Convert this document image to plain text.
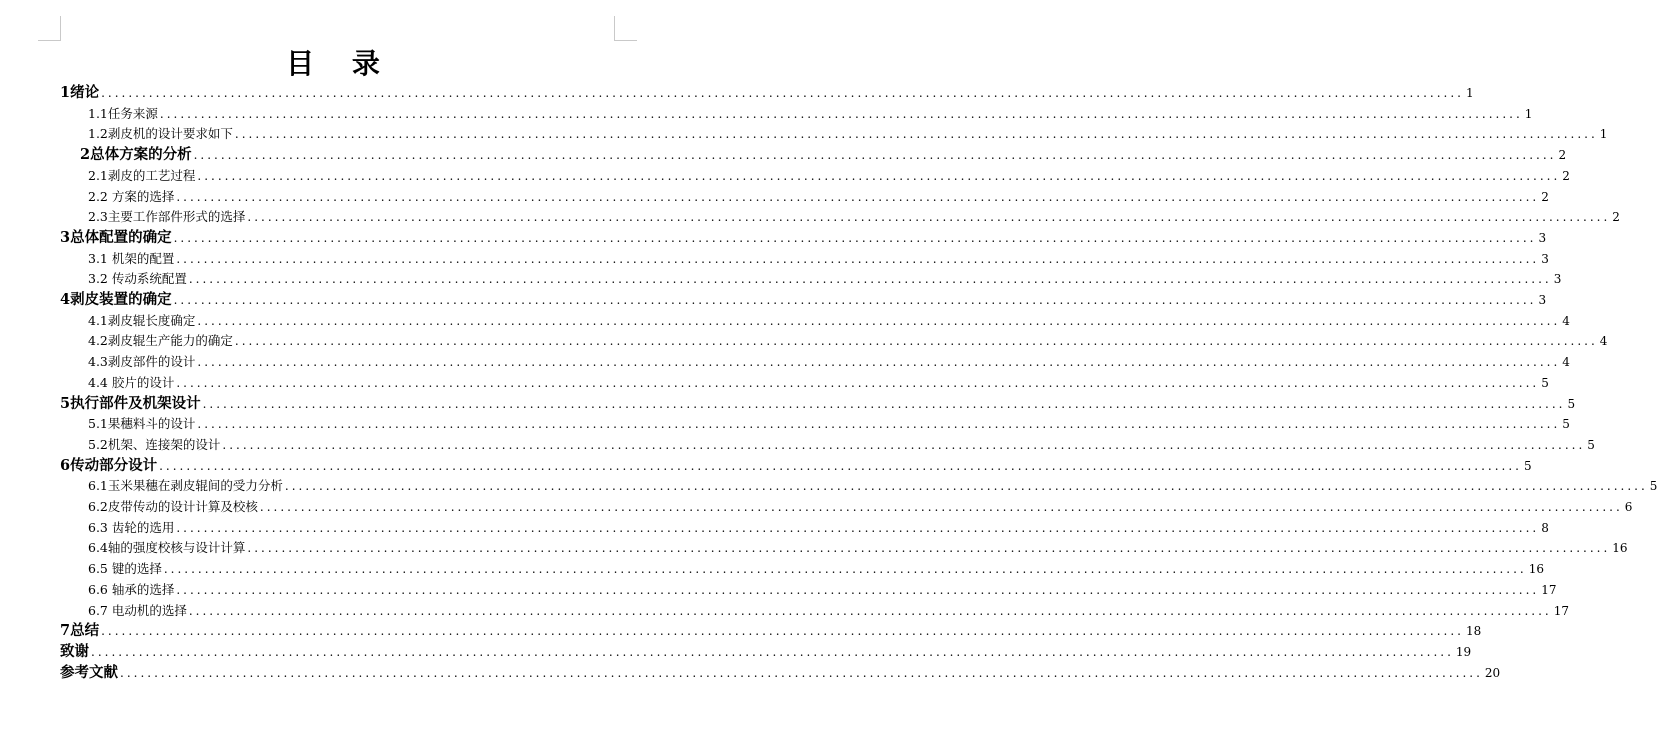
目 录
1绪论 ........................................................................................................................................................................................................ 1
1.1任务来源 ........................................................................................................................................................................................................ 1
1.2剥皮机的设计要求如下 ........................................................................................................................................................................................................ 1
2总体方案的分析 ........................................................................................................................................................................................................ 2
2.1剥皮的工艺过程 ........................................................................................................................................................................................................ 2
2.2 方案的选择 ........................................................................................................................................................................................................ 2
2.3主要工作部件形式的选择 ........................................................................................................................................................................................................ 2
3总体配置的确定 ........................................................................................................................................................................................................ 3
3.1 机架的配置 ........................................................................................................................................................................................................ 3
3.2 传动系统配置 ........................................................................................................................................................................................................ 3
4剥皮装置的确定 ........................................................................................................................................................................................................ 3
4.1剥皮辊长度确定 ........................................................................................................................................................................................................ 4
4.2剥皮辊生产能力的确定 ........................................................................................................................................................................................................ 4
4.3剥皮部件的设计 ........................................................................................................................................................................................................ 4
4.4 胶片的设计 ........................................................................................................................................................................................................ 5
5执行部件及机架设计 ........................................................................................................................................................................................................ 5
5.1果穗料斗的设计 ........................................................................................................................................................................................................ 5
5.2机架、连接架的设计 ........................................................................................................................................................................................................ 5
6传动部分设计 ........................................................................................................................................................................................................ 5
6.1玉米果穗在剥皮辊间的受力分析 ........................................................................................................................................................................................................ 5
6.2皮带传动的设计计算及校核 ........................................................................................................................................................................................................ 6
6.3 齿轮的选用 ........................................................................................................................................................................................................ 8
6.4轴的强度校核与设计计算 ........................................................................................................................................................................................................ 16
6.5 键的选择 ........................................................................................................................................................................................................ 16
6.6 轴承的选择 ........................................................................................................................................................................................................ 17
6.7 电动机的选择 ........................................................................................................................................................................................................ 17
7总结 ........................................................................................................................................................................................................ 18
致谢 ........................................................................................................................................................................................................ 19
参考文献 ........................................................................................................................................................................................................ 20
